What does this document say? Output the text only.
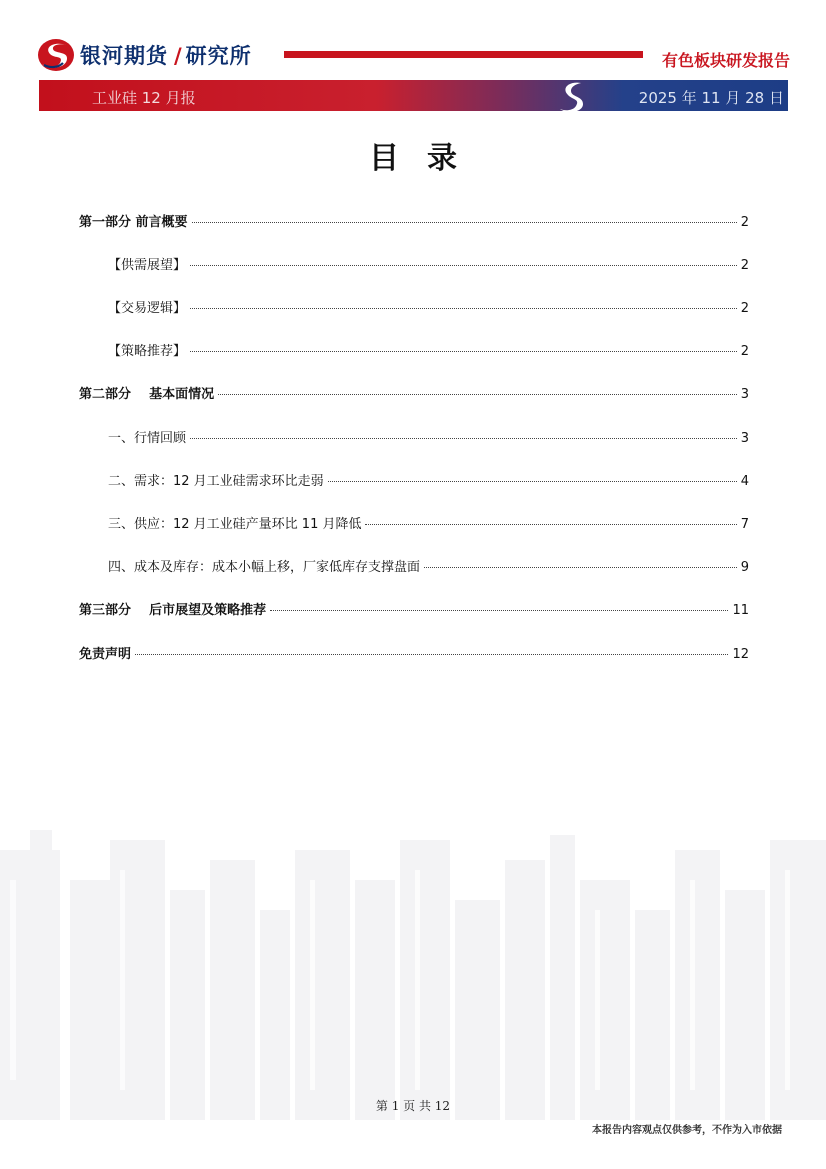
银河期货 / 研究所	有色板块研发报告
工业硅 12 月报	2025 年 11 月 28 日
目录
第一部分 前言概要	2
【供需展望】	2
【交易逻辑】	2
【策略推荐】	2
第二部分    基本面情况	3
一、行情回顾	3
二、需求：12 月工业硅需求环比走弱	4
三、供应：12 月工业硅产量环比 11 月降低	7
四、成本及库存：成本小幅上移，厂家低库存支撑盘面	9
第三部分    后市展望及策略推荐	11
免责声明	12
第 1 页 共 12
本报告内容观点仅供参考，不作为入市依据
